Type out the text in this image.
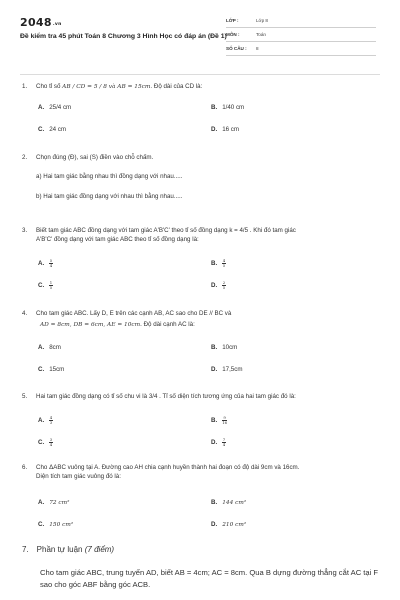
2048.vn
Đề kiểm tra 45 phút Toán 8 Chương 3 Hình Học có đáp án (Đề 1)
LỚP :	Lớp 8
MÔN :	Toán
SỐ CÂU : 8
1. Cho tỉ số AB / CD = 5 / 8 và AB = 15cm. Độ dài của CD là:
A. 25/4 cm	B. 1/40 cm
C. 24 cm	D. 16 cm
2. Chọn đúng (Đ), sai (S) điền vào chỗ chấm.
a) Hai tam giác bằng nhau thì đồng dạng với nhau.....
b) Hai tam giác đồng dạng với nhau thì bằng nhau.....
3. Biết tam giác ABC đồng dạng với tam giác A'B'C' theo tỉ số đồng dạng k = 4/5 . Khi đó tam giác
A'B'C' đồng dạng với tam giác ABC theo tỉ số đồng dạng là:
A. $\frac{5}{4}$	B. $\frac{4}{5}$
C. $\frac{1}{5}$	D. $\frac{2}{5}$
4. Cho tam giác ABC. Lấy D, E trên các cạnh AB, AC sao cho DE // BC và
AD = 8cm, DB = 6cm, AE = 10cm. Độ dài cạnh AC là:
A. 8cm	B. 10cm
C. 15cm	D. 17,5cm
5. Hai tam giác đồng dạng có tỉ số chu vi là 3/4 . Tỉ số diện tích tương ứng của hai tam giác đó là:
A. $\frac{4}{3}$	B. $\frac{9}{16}$
C. $\frac{3}{4}$	D. $\frac{7}{4}$
6. Cho ΔABC vuông tại A. Đường cao AH chia cạnh huyền thành hai đoạn có độ dài 9cm và 16cm.
Diện tích tam giác vuông đó là:
A. 72 cm²	B. 144 cm²
C. 150 cm²	D. 210 cm²
7. Phần tự luận (7 điểm)
Cho tam giác ABC, trung tuyến AD, biết AB = 4cm; AC = 8cm. Qua B dựng đường thẳng cắt AC tại F sao cho góc ABF bằng góc ACB.
